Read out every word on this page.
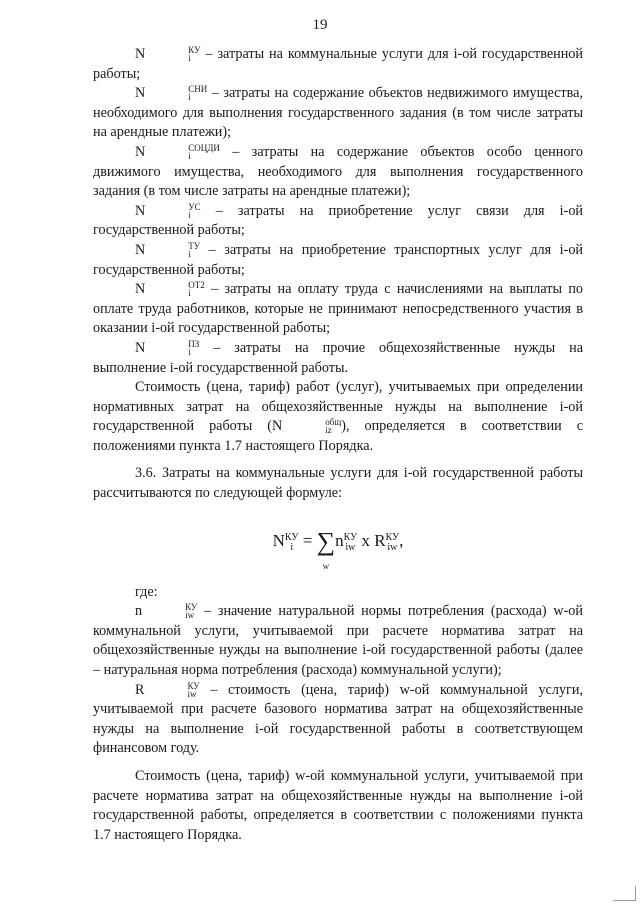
19

N	КУ
i	– затраты на коммунальные услуги для i-ой государственной работы;

N	СНИ
i	– затраты на содержание объектов недвижимого имущества, необходимого для выполнения государственного задания (в том числе затраты на арендные платежи);

N	СОЦДИ
i	– затраты на содержание объектов особо ценного движимого имущества, необходимого для выполнения государственного задания (в том числе затраты на арендные платежи);

N	УС
i	– затраты на приобретение услуг связи для i-ой государственной работы;

N	ТУ
i	– затраты на приобретение транспортных услуг для i-ой государственной работы;

N	ОТ2
i	– затраты на оплату труда с начислениями на выплаты по оплате труда работников, которые не принимают непосредственного участия в оказании i-ой государственной работы;

N	ПЗ
i	– затраты на прочие общехозяйственные нужды на выполнение i-ой государственной работы.

Стоимость (цена, тариф) работ (услуг), учитываемых при определении нормативных затрат на общехозяйственные нужды на выполнение i-ой государственной работы (N	общ
iz ), определяется в соответствии с положениями пункта 1.7 настоящего Порядка.

3.6. Затраты на коммунальные услуги для i-ой государственной работы рассчитываются по следующей формуле:

N КУ
i = ∑
w
n КУ
iw x R КУ
iw ,

где:

n	КУ
iw – значение натуральной нормы потребления (расхода) w-ой коммунальной услуги, учитываемой при расчете норматива затрат на общехозяйственные нужды на выполнение i-ой государственной работы (далее – натуральная норма потребления (расхода) коммунальной услуги);

R	КУ
iw – стоимость (цена, тариф) w-ой коммунальной услуги, учитываемой при расчете базового норматива затрат на общехозяйственные нужды на выполнение i-ой государственной работы в соответствующем финансовом году.

Стоимость (цена, тариф) w-ой коммунальной услуги, учитываемой при расчете норматива затрат на общехозяйственные нужды на выполнение i-ой государственной работы, определяется в соответствии с положениями пункта 1.7 настоящего Порядка.
